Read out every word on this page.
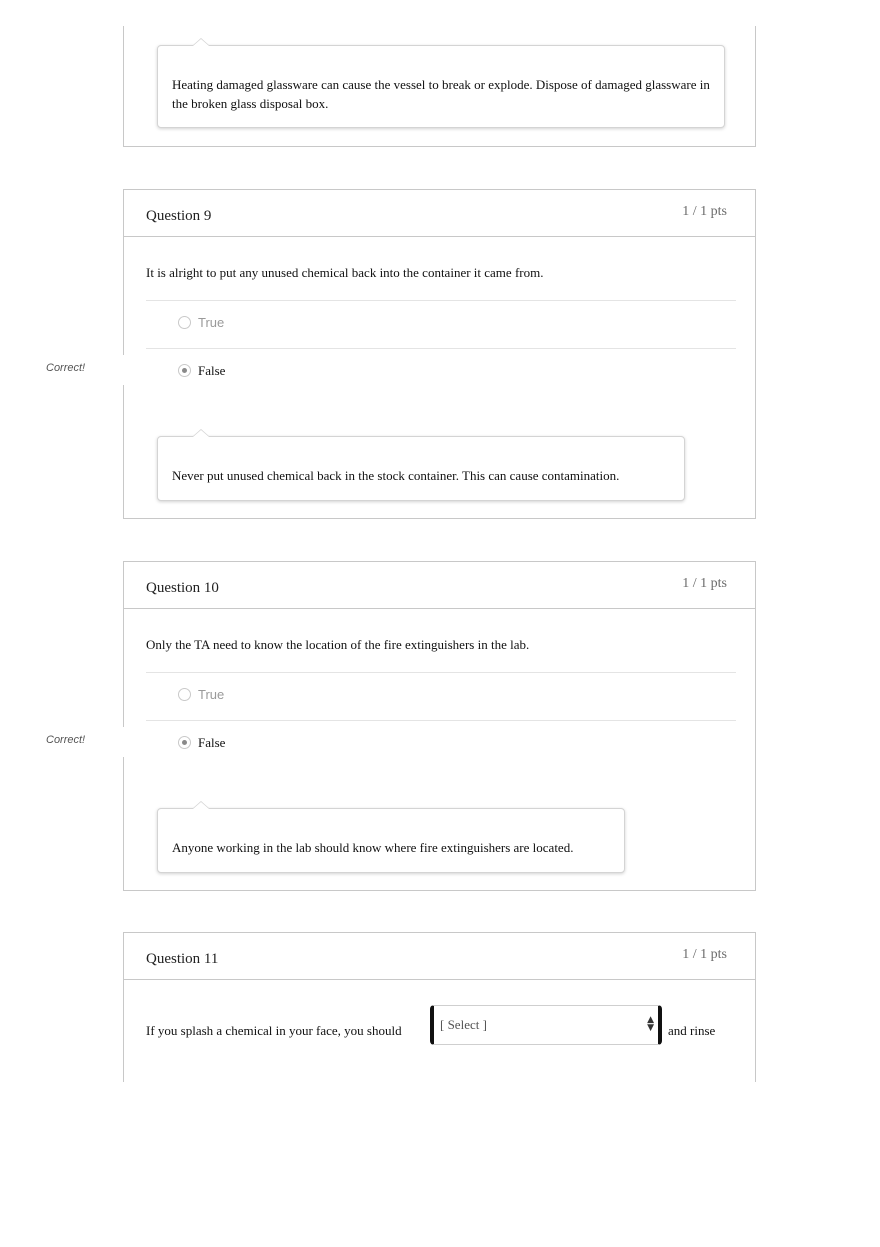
Heating damaged glassware can cause the vessel to break or explode. Dispose of damaged glassware in the broken glass disposal box.
Question 9	1 / 1 pts
It is alright to put any unused chemical back into the container it came from.
True
False
Never put unused chemical back in the stock container. This can cause contamination.
Correct!
Question 10	1 / 1 pts
Only the TA need to know the location of the fire extinguishers in the lab.
True
False
Anyone working in the lab should know where fire extinguishers are located.
Correct!
Question 11	1 / 1 pts
If you splash a chemical in your face, you should	[ Select ]	▲
▼ and rinse
